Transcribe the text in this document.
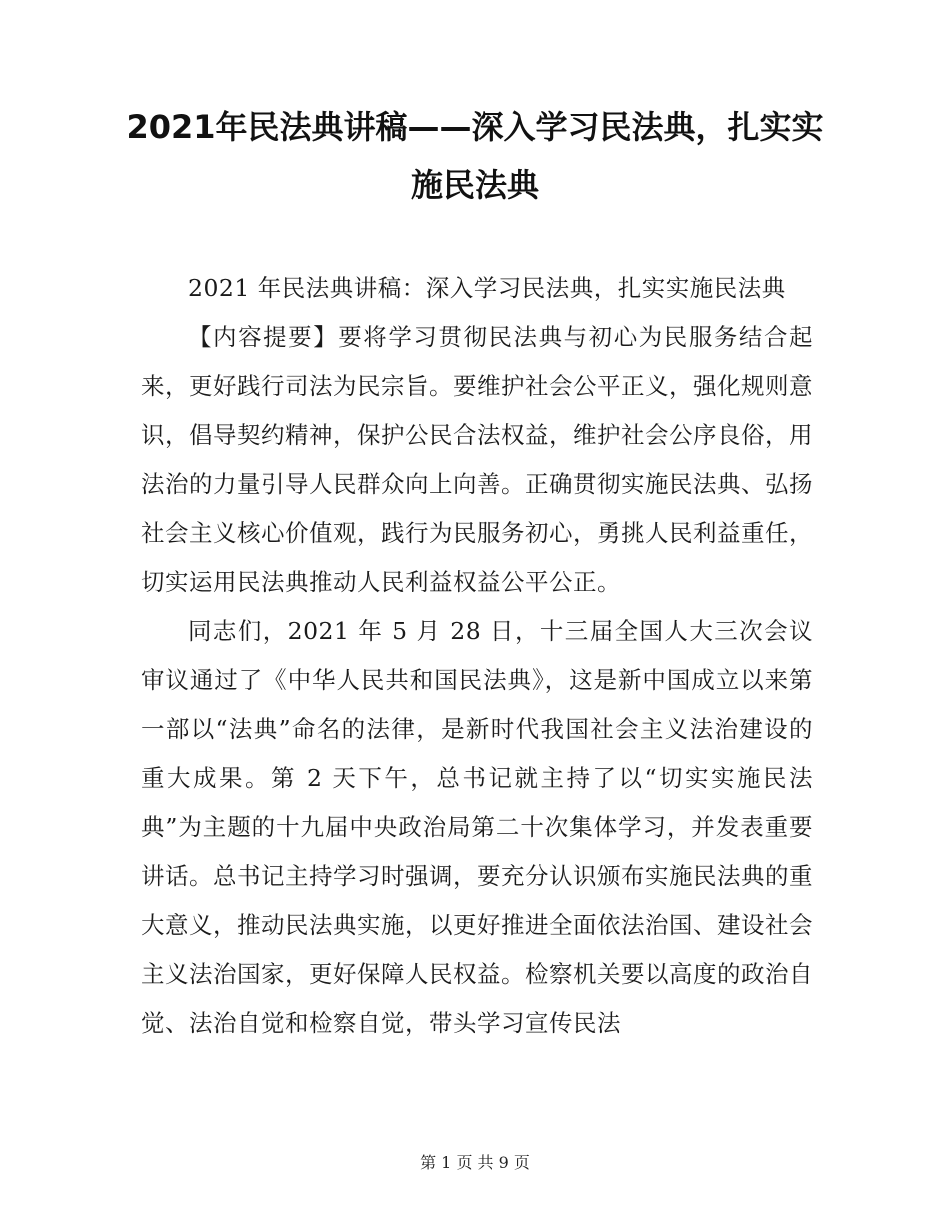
2021年民法典讲稿——深入学习民法典，扎实实施民法典

2021 年民法典讲稿：深入学习民法典，扎实实施民法典

【内容提要】要将学习贯彻民法典与初心为民服务结合起来，更好践行司法为民宗旨。要维护社会公平正义，强化规则意识，倡导契约精神，保护公民合法权益，维护社会公序良俗，用法治的力量引导人民群众向上向善。正确贯彻实施民法典、弘扬社会主义核心价值观，践行为民服务初心，勇挑人民利益重任，切实运用民法典推动人民利益权益公平公正。

同志们，2021 年 5 月 28 日，十三届全国人大三次会议审议通过了《中华人民共和国民法典》，这是新中国成立以来第一部以“法典”命名的法律，是新时代我国社会主义法治建设的重大成果。第 2 天下午，总书记就主持了以“切实实施民法典”为主题的十九届中央政治局第二十次集体学习，并发表重要讲话。总书记主持学习时强调，要充分认识颁布实施民法典的重大意义，推动民法典实施，以更好推进全面依法治国、建设社会主义法治国家，更好保障人民权益。检察机关要以高度的政治自觉、法治自觉和检察自觉，带头学习宣传民法

第 1 页 共 9 页
